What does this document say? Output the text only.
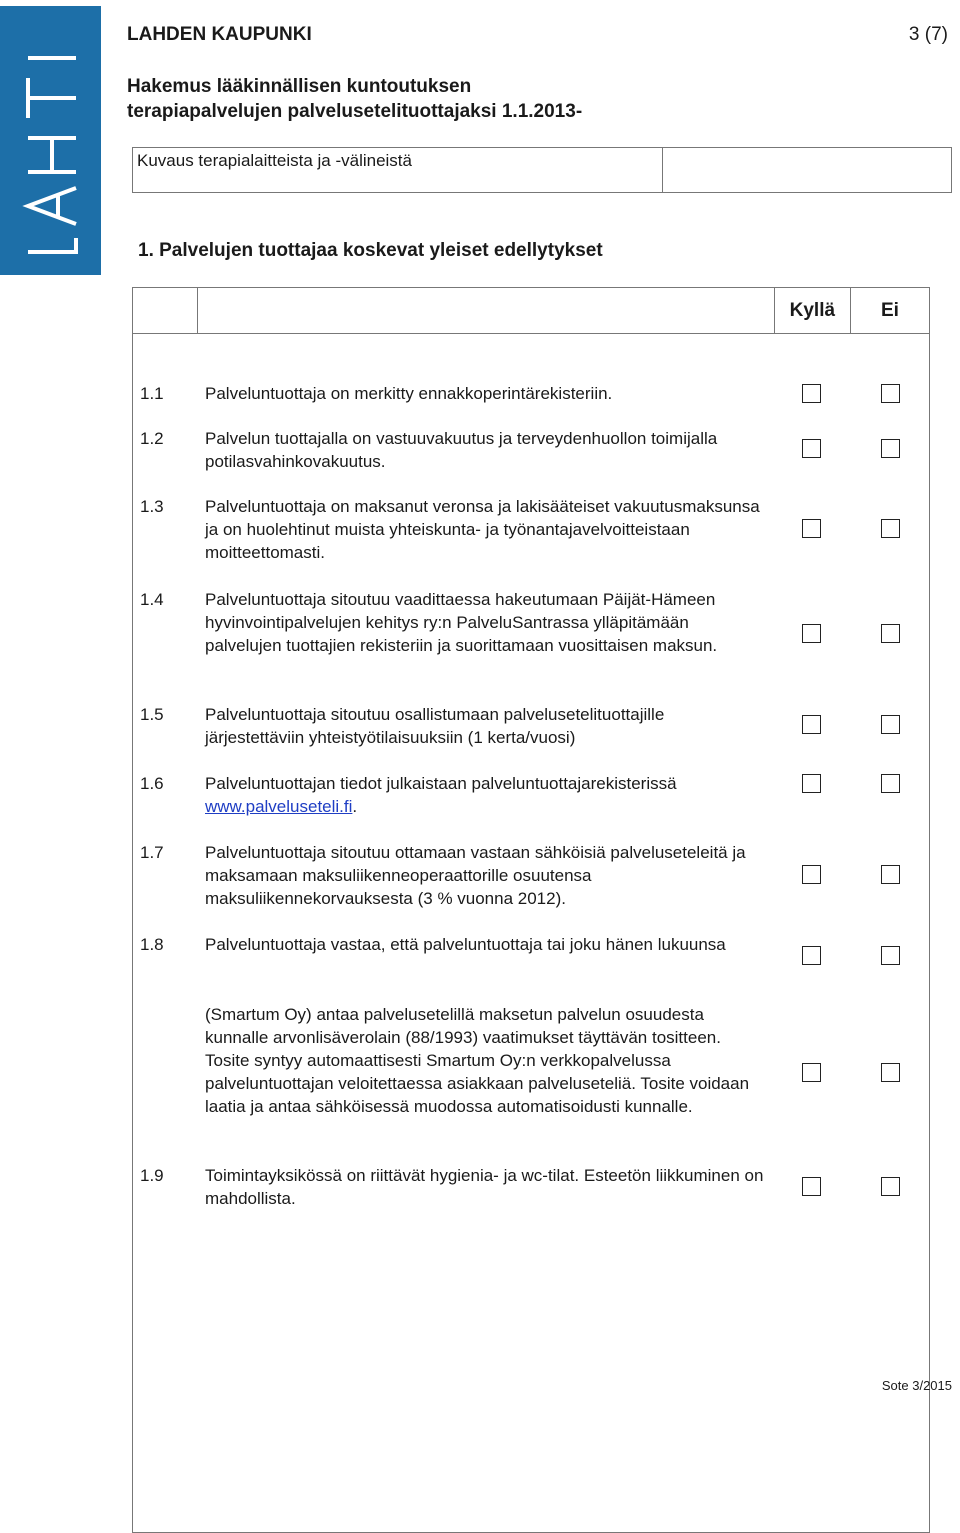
LAHDEN KAUPUNKI	3 (7)
Hakemus lääkinnällisen kuntoutuksen
terapiapalvelujen palvelusetelituottajaksi 1.1.2013-
Kuvaus terapialaitteista ja -välineistä	
1. Palvelujen tuottajaa koskevat yleiset edellytykset
		Kyllä	Ei

1.1 Palveluntuottaja on merkitty ennakkoperintärekisteriin.
1.2 Palvelun tuottajalla on vastuuvakuutus ja terveydenhuollon toimijalla potilasvahinkovakuutus.
1.3 Palveluntuottaja on maksanut veronsa ja lakisääteiset vakuutusmaksunsa ja on huolehtinut muista yhteiskunta- ja työnantajavelvoitteistaan moitteettomasti.
1.4 Palveluntuottaja sitoutuu vaadittaessa hakeutumaan Päijät-Hämeen hyvinvointipalvelujen kehitys ry:n PalveluSantrassa ylläpitämään palvelujen tuottajien rekisteriin ja suorittamaan vuosittaisen maksun.
1.5 Palveluntuottaja sitoutuu osallistumaan palvelusetelituottajille järjestettäviin yhteistyötilaisuuksiin (1 kerta/vuosi)
1.6 Palveluntuottajan tiedot julkaistaan palveluntuottajarekisterissä www.palveluseteli.fi.
1.7 Palveluntuottaja sitoutuu ottamaan vastaan sähköisiä palveluseteleitä ja maksamaan maksuliikenneoperaattorille osuutensa maksuliikennekorvauksesta (3 % vuonna 2012).
1.8 Palveluntuottaja vastaa, että palveluntuottaja tai joku hänen lukuunsa
(Smartum Oy) antaa palvelusetelillä maksetun palvelun osuudesta kunnalle arvonlisäverolain (88/1993) vaatimukset täyttävän tositteen. Tosite syntyy automaattisesti Smartum Oy:n verkkopalvelussa palveluntuottajan veloitettaessa asiakkaan palveluseteliä. Tosite voidaan laatia ja antaa sähköisessä muodossa automatisoidusti kunnalle.
1.9 Toimintayksikössä on riittävät hygienia- ja wc-tilat. Esteetön liikkuminen on mahdollista.
Sote 3/2015
